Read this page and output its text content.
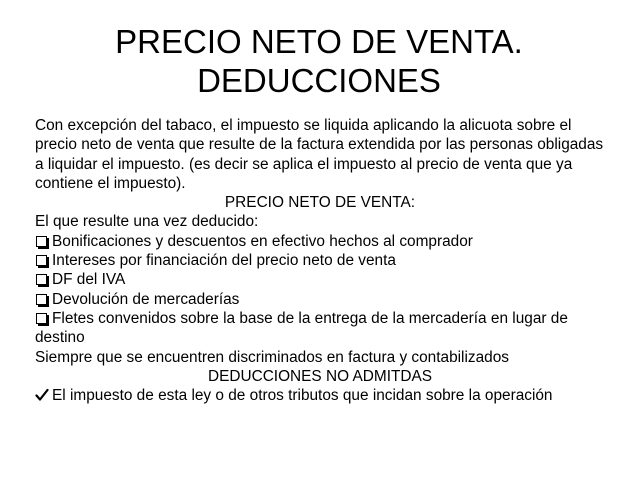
PRECIO NETO DE VENTA.
DEDUCCIONES

Con excepción del tabaco, el impuesto se liquida aplicando la alicuota sobre el precio neto de venta que resulte de la factura extendida por las personas obligadas a liquidar el impuesto. (es decir se aplica el impuesto al precio de venta que ya contiene el impuesto).

PRECIO NETO DE VENTA:

El que resulte una vez deducido:

Bonificaciones y descuentos en efectivo hechos al comprador

Intereses por financiación del precio neto de venta

DF del IVA

Devolución de mercaderías

Fletes convenidos sobre la base de la entrega de la mercadería en lugar de destino

Siempre que se encuentren discriminados en factura y contabilizados

DEDUCCIONES NO ADMITDAS

El impuesto de esta ley o de otros tributos que incidan sobre la operación
